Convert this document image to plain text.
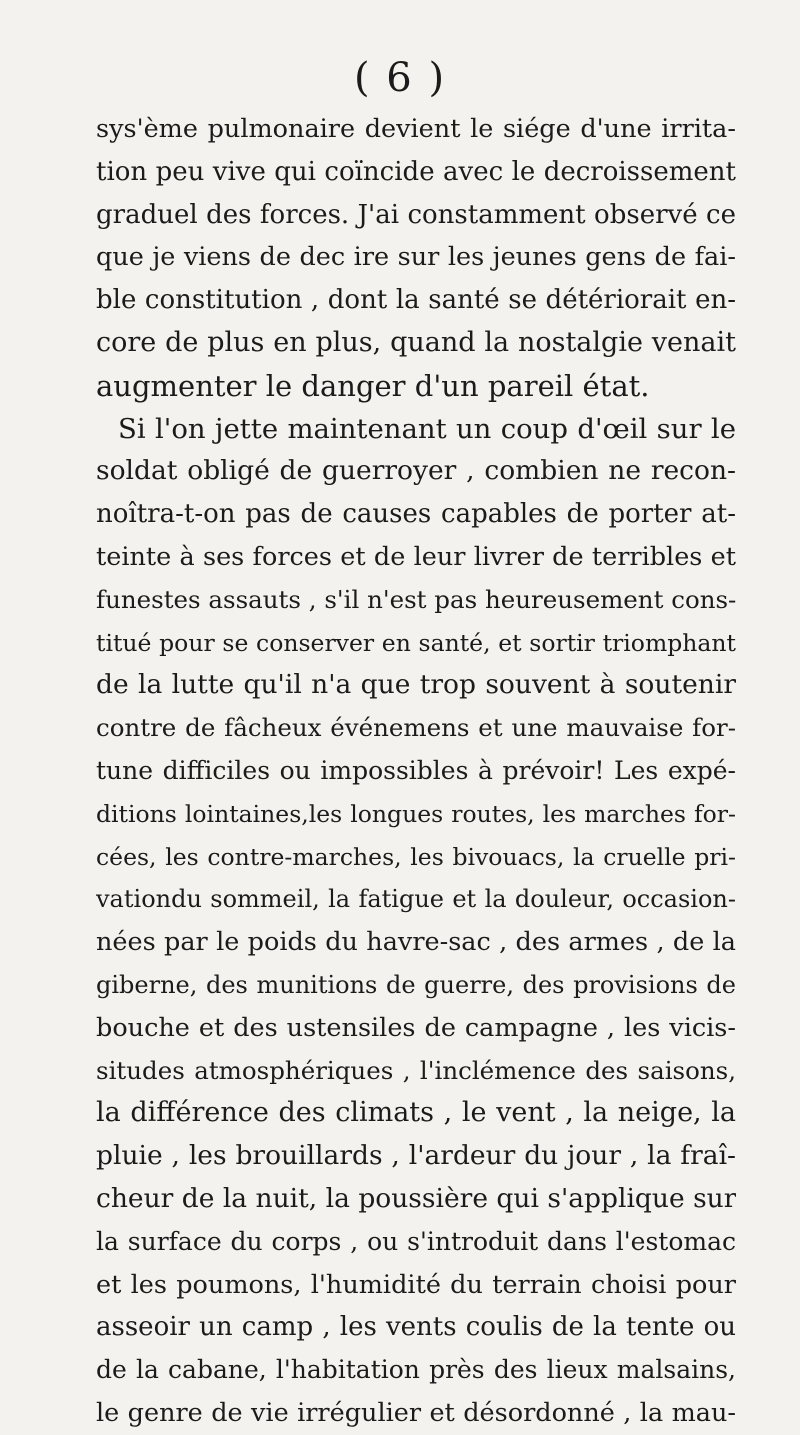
( 6 )
sys'ème pulmonaire devient le siége d'une irrita-
tion peu vive qui coïncide avec le decroissement
graduel des forces. J'ai constamment observé ce
que je viens de dec ire sur les jeunes gens de fai-
ble constitution , dont la santé se détériorait en-
core de plus en plus, quand la nostalgie venait
augmenter le danger d'un pareil état.
Si l'on jette maintenant un coup d'œil sur le
soldat obligé de guerroyer , combien ne recon-
noîtra-t-on pas de causes capables de porter at-
teinte à ses forces et de leur livrer de terribles et
funestes assauts , s'il n'est pas heureusement cons-
titué pour se conserver en santé, et sortir triomphant
de la lutte qu'il n'a que trop souvent à soutenir
contre de fâcheux événemens et une mauvaise for-
tune difficiles ou impossibles à prévoir! Les expé-
ditions lointaines,les longues routes, les marches for-
cées, les contre-marches, les bivouacs, la cruelle pri-
vationdu sommeil, la fatigue et la douleur, occasion-
nées par le poids du havre-sac , des armes , de la
giberne, des munitions de guerre, des provisions de
bouche et des ustensiles de campagne , les vicis-
situdes atmosphériques , l'inclémence des saisons,
la différence des climats , le vent , la neige, la
pluie , les brouillards , l'ardeur du jour , la fraî-
cheur de la nuit, la poussière qui s'applique sur
la surface du corps , ou s'introduit dans l'estomac
et les poumons, l'humidité du terrain choisi pour
asseoir un camp , les vents coulis de la tente ou
de la cabane, l'habitation près des lieux malsains,
le genre de vie irrégulier et désordonné , la mau-
